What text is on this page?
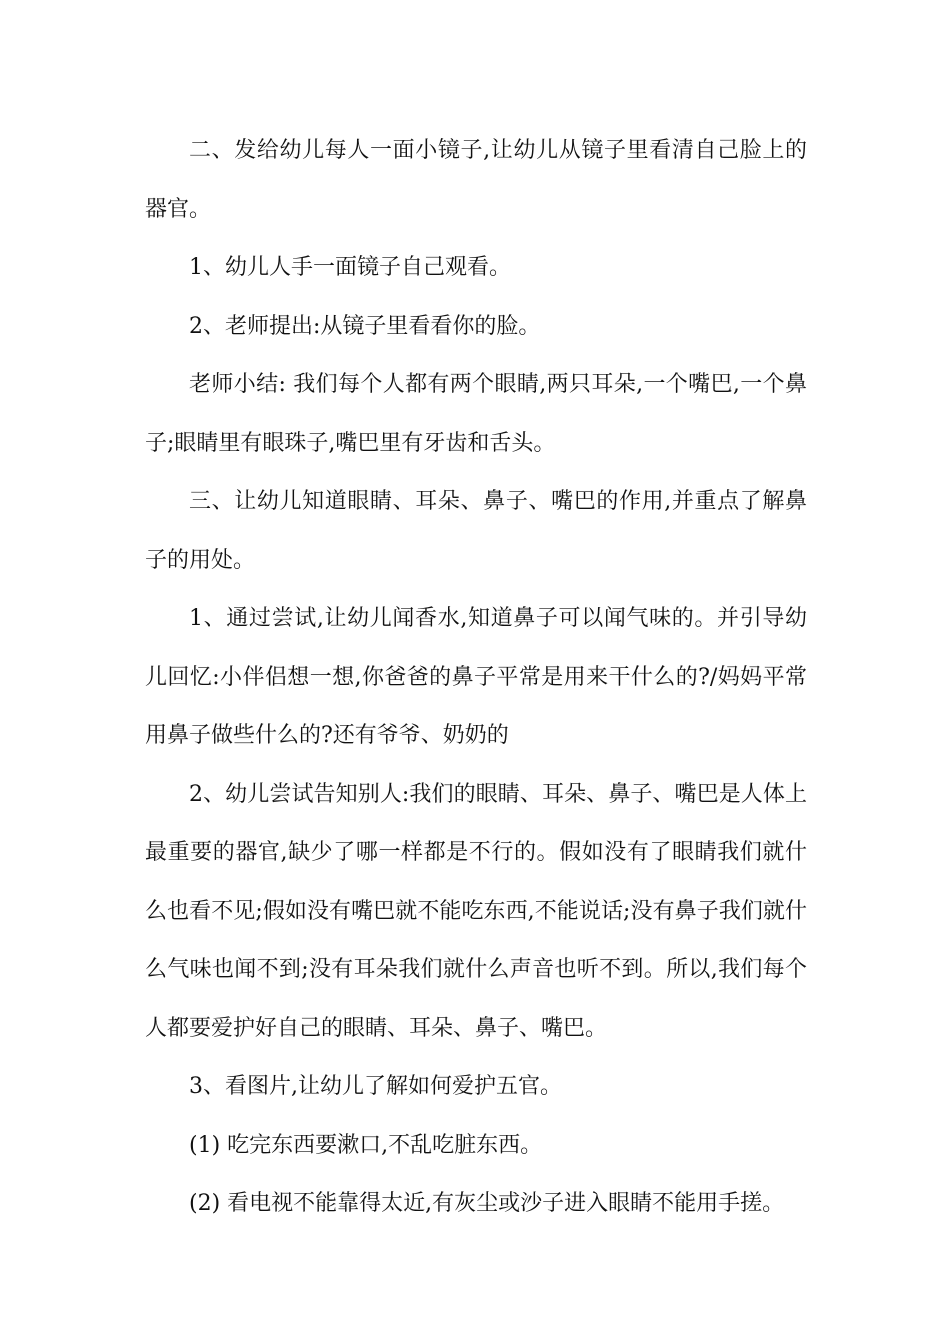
二、发给幼儿每人一面小镜子,让幼儿从镜子里看清自己脸上的器官。

1、幼儿人手一面镜子自己观看。

2、老师提出:从镜子里看看你的脸。

老师小结: 我们每个人都有两个眼睛,两只耳朵,一个嘴巴,一个鼻子;眼睛里有眼珠子,嘴巴里有牙齿和舌头。

三、让幼儿知道眼睛、耳朵、鼻子、嘴巴的作用,并重点了解鼻子的用处。

1、通过尝试,让幼儿闻香水,知道鼻子可以闻气味的。并引导幼儿回忆:小伴侣想一想,你爸爸的鼻子平常是用来干什么的?/妈妈平常用鼻子做些什么的?还有爷爷、奶奶的

2、幼儿尝试告知别人:我们的眼睛、耳朵、鼻子、嘴巴是人体上最重要的器官,缺少了哪一样都是不行的。假如没有了眼睛我们就什么也看不见;假如没有嘴巴就不能吃东西,不能说话;没有鼻子我们就什么气味也闻不到;没有耳朵我们就什么声音也听不到。所以,我们每个人都要爱护好自己的眼睛、耳朵、鼻子、嘴巴。

3、看图片,让幼儿了解如何爱护五官。

(1) 吃完东西要漱口,不乱吃脏东西。

(2) 看电视不能靠得太近,有灰尘或沙子进入眼睛不能用手搓。
